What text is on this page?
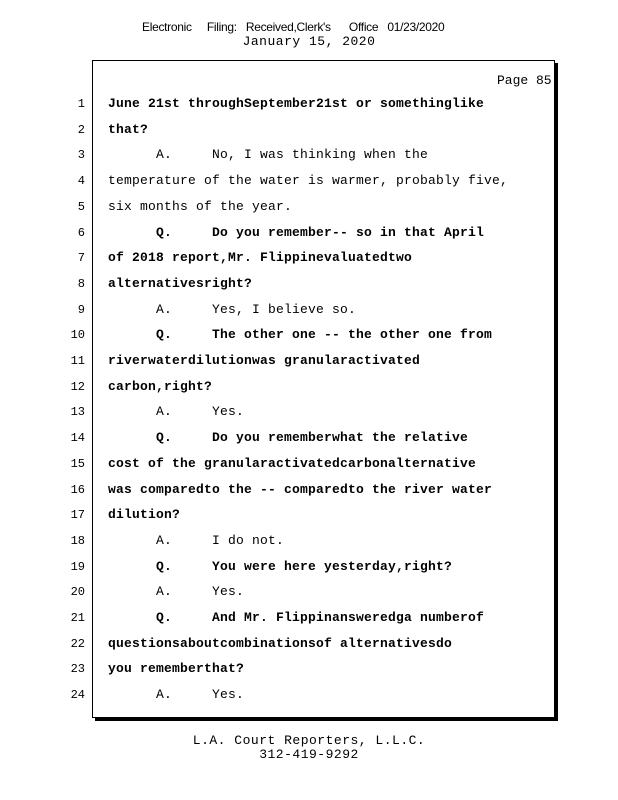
Electronic     Filing:   Received,Clerk's      Office   01/23/2020
January 15, 2020
Page 85
1 June 21st throughSeptember21st or somethinglike
2 that?
3 A.     No, I was thinking when the
4 temperature of the water is warmer, probably five,
5 six months of the year.
6 Q.     Do you remember-- so in that April
7 of 2018 report,Mr. Flippinevaluatedtwo
8 alternativesright?
9 A.     Yes, I believe so.
10 Q.     The other one -- the other one from
11 riverwaterdilutionwas granularactivated
12 carbon,right?
13 A.     Yes.
14 Q.     Do you rememberwhat the relative
15 cost of the granularactivatedcarbonalternative
16 was comparedto the -- comparedto the river water
17 dilution?
18 A.     I do not.
19 Q.     You were here yesterday,right?
20 A.     Yes.
21 Q.     And Mr. Flippinansweredga numberof
22 questionsaboutcombinationsof alternativesdo
23 you rememberthat?
24 A.     Yes.
L.A. Court Reporters, L.L.C.
312-419-9292
